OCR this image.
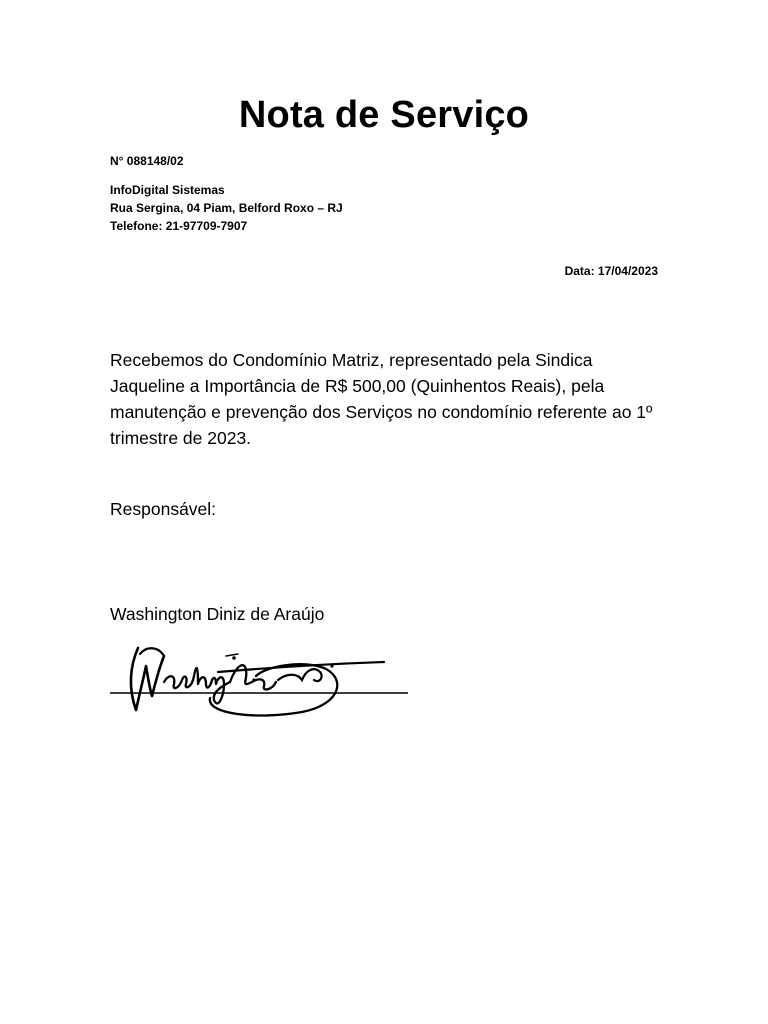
Nota de Serviço
N° 088148/02
InfoDigital Sistemas
Rua Sergina, 04 Piam, Belford Roxo – RJ
Telefone: 21-97709-7907
Data: 17/04/2023
Recebemos do Condomínio Matriz, representado pela Sindica Jaqueline a Importância de R$ 500,00 (Quinhentos Reais), pela manutenção e prevenção dos Serviços no condomínio referente ao 1º trimestre de 2023.
Responsável:
Washington Diniz de Araújo
